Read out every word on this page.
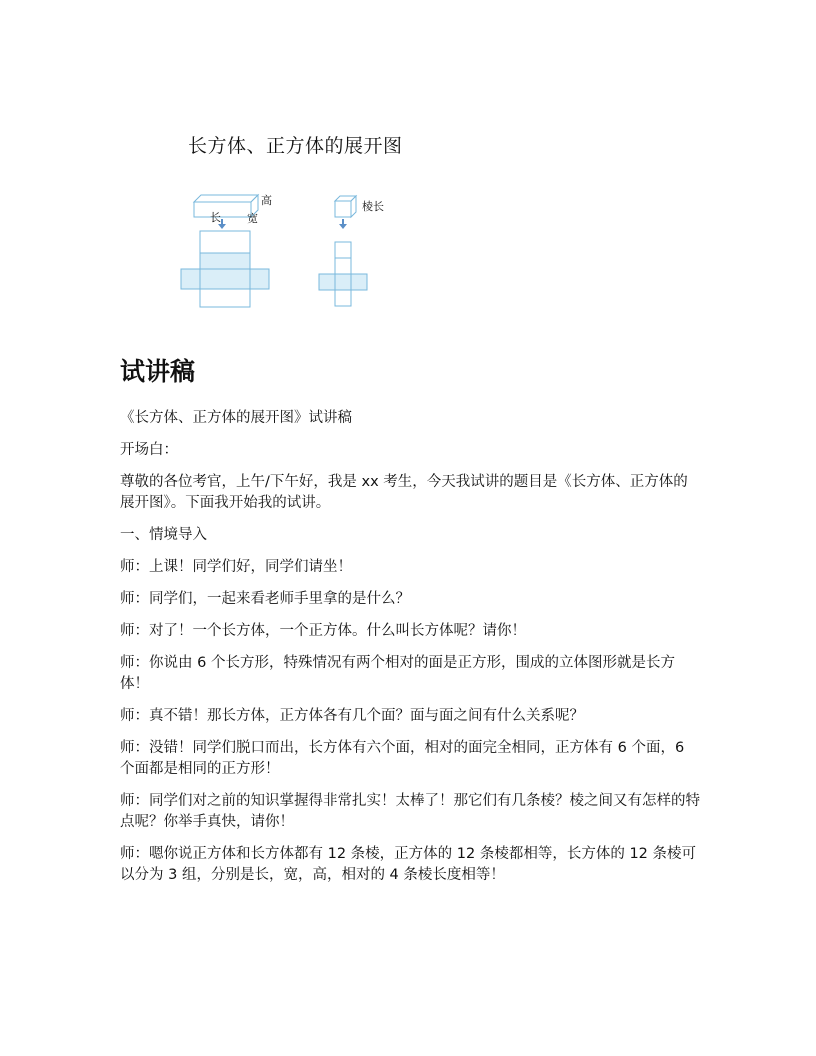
长方体、正方体的展开图
高
长 宽
棱长
试讲稿

《长方体、正方体的展开图》试讲稿

开场白：

尊敬的各位考官，上午/下午好，我是 xx 考生，今天我试讲的题目是《长方体、正方体的展开图》。下面我开始我的试讲。

一、情境导入

师：上课！同学们好，同学们请坐！

师：同学们，一起来看老师手里拿的是什么？

师：对了！一个长方体，一个正方体。什么叫长方体呢？请你！

师：你说由 6 个长方形，特殊情况有两个相对的面是正方形，围成的立体图形就是长方体！

师：真不错！那长方体，正方体各有几个面？面与面之间有什么关系呢？

师：没错！同学们脱口而出，长方体有六个面，相对的面完全相同，正方体有 6 个面，6 个面都是相同的正方形！

师：同学们对之前的知识掌握得非常扎实！太棒了！那它们有几条棱？棱之间又有怎样的特点呢？你举手真快，请你！

师：嗯你说正方体和长方体都有 12 条棱，正方体的 12 条棱都相等，长方体的 12 条棱可以分为 3 组，分别是长，宽，高，相对的 4 条棱长度相等！
